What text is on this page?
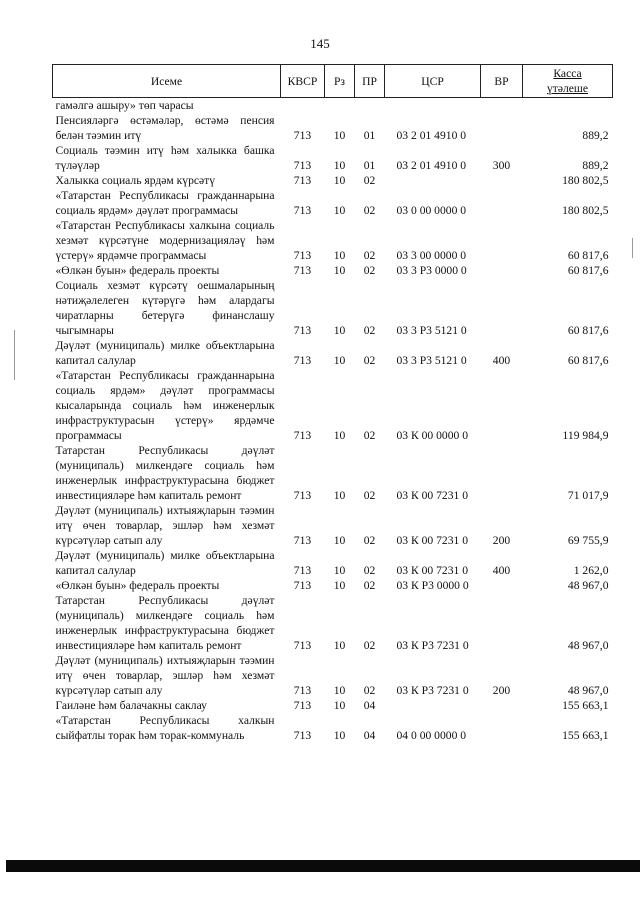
145
Исеме	КВСР	Рз	ПР	ЦСР	ВР	Касса
үтәлеше

гамәлгә ашыру» төп чарасы						
Пенсияләргә өстәмәләр, өстәмә пенсия белән тәэмин итү	713	10	01	03 2 01 4910 0		889,2
Социаль тәэмин итү һәм халыкка башка түләүләр	713	10	01	03 2 01 4910 0	300	889,2
Халыкка социаль ярдәм күрсәтү	713	10	02			180 802,5
«Татарстан Республикасы гражданнарына социаль ярдәм» дәүләт программасы	713	10	02	03 0 00 0000 0		180 802,5
«Татарстан Республикасы халкына социаль хезмәт күрсәтүне модернизацияләү һәм үстерү» ярдәмче программасы	713	10	02	03 3 00 0000 0		60 817,6
«Өлкән буын» федераль проекты	713	10	02	03 3 Р3 0000 0		60 817,6
Социаль хезмәт күрсәтү оешмаларының нәтиҗәлелеген күтәрүгә һәм алардагы чиратларны бетерүгә финанслашу чыгымнары	713	10	02	03 3 Р3 5121 0		60 817,6
Дәүләт (муниципаль) милке объектларына капитал салулар	713	10	02	03 3 Р3 5121 0	400	60 817,6
«Татарстан Республикасы гражданнарына социаль ярдәм» дәүләт программасы кысаларында социаль һәм инженерлык инфраструктурасын үстерү» ярдәмче программасы	713	10	02	03 К 00 0000 0		119 984,9
Татарстан Республикасы дәүләт (муниципаль) милкендәге социаль һәм инженерлык инфраструктурасына бюджет инвестицияләре һәм капиталь ремонт	713	10	02	03 К 00 7231 0		71 017,9
Дәүләт (муниципаль) ихтыяҗларын тәэмин итү өчен товарлар, эшләр һәм хезмәт күрсәтүләр сатып алу	713	10	02	03 К 00 7231 0	200	69 755,9
Дәүләт (муниципаль) милке объектларына капитал салулар	713	10	02	03 К 00 7231 0	400	1 262,0
«Өлкән буын» федераль проекты	713	10	02	03 К Р3 0000 0		48 967,0
Татарстан Республикасы дәүләт (муниципаль) милкендәге социаль һәм инженерлык инфраструктурасына бюджет инвестицияләре һәм капиталь ремонт	713	10	02	03 К Р3 7231 0		48 967,0
Дәүләт (муниципаль) ихтыяҗларын тәэмин итү өчен товарлар, эшләр һәм хезмәт күрсәтүләр сатып алу	713	10	02	03 К Р3 7231 0	200	48 967,0
Гаиләне һәм балачакны саклау	713	10	04			155 663,1
«Татарстан Республикасы халкын сыйфатлы торак һәм торак-коммуналь	713	10	04	04 0 00 0000 0		155 663,1
